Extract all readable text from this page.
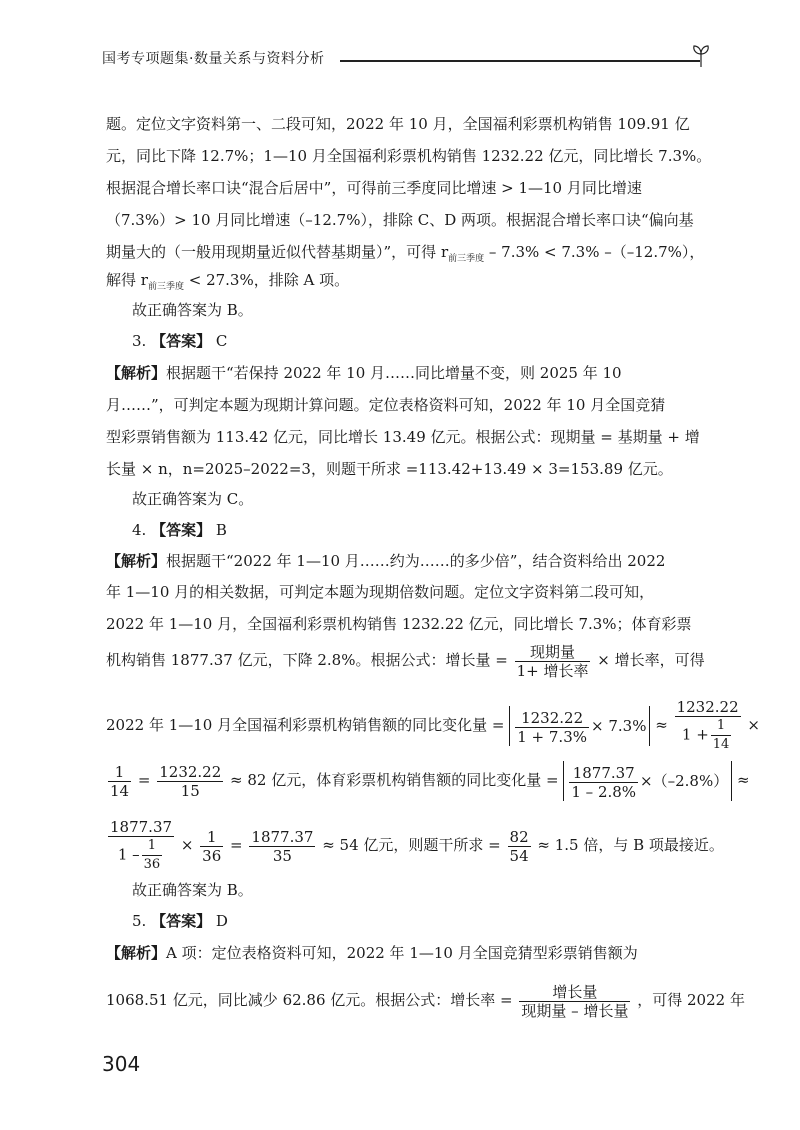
国考专项题集·数量关系与资料分析
题。定位文字资料第一、二段可知，2022 年 10 月，全国福利彩票机构销售 109.91 亿
元，同比下降 12.7%；1—10 月全国福利彩票机构销售 1232.22 亿元，同比增长 7.3%。
根据混合增长率口诀“混合后居中”，可得前三季度同比增速 > 1—10 月同比增速
（7.3%）> 10 月同比增速（–12.7%），排除 C、D 两项。根据混合增长率口诀“偏向基
期量大的（一般用现期量近似代替基期量）”，可得 $r_{前三季度} - 7.3\% < 7.3\%$ –（–12.7%），
解得 $r_{前三季度} < 27.3\%$，排除 A 项。
故正确答案为 B。
3. 【答案】 C
【解析】根据题干“若保持 2022 年 10 月……同比增量不变，则 2025 年 10
月……”，可判定本题为现期计算问题。定位表格资料可知，2022 年 10 月全国竞猜
型彩票销售额为 113.42 亿元，同比增长 13.49 亿元。根据公式：现期量 = 基期量 + 增
长量 × n，n=2025–2022=3，则题干所求 =113.42+13.49 × 3=153.89 亿元。
故正确答案为 C。
4. 【答案】 B
【解析】根据题干“2022 年 1—10 月……约为……的多少倍”，结合资料给出 2022
年 1—10 月的相关数据，可判定本题为现期倍数问题。定位文字资料第二段可知，
2022 年 1—10 月，全国福利彩票机构销售 1232.22 亿元，同比增长 7.3%；体育彩票
机构销售 1877.37 亿元，下降 2.8%。根据公式：增长量 = $\frac{\text{现期量}}{\text{1+ 增长率}}$ × 增长率，可得
2022 年 1—10 月全国福利彩票机构销售额的同比变化量 = $\frac{1232.22}{1 + 7.3\%} \times 7.3\% \approx \frac{1232.22}{1 + \frac{1}{14}}$ ×
$\frac{1}{14} = \frac{1232.22}{15} \approx 82$ 亿元，体育彩票机构销售额的同比变化量 = $\frac{1877.37}{1 - 2.8\%} \times(-2.8\%)$ ≈
$\frac{1877.37}{1 - \frac{1}{36}} \times \frac{1}{36} = \frac{1877.37}{35} \approx 54$ 亿元，则题干所求 = $\frac{82}{54} \approx 1.5$ 倍，与 B 项最接近。
故正确答案为 B。
5. 【答案】 D
【解析】A 项：定位表格资料可知，2022 年 1—10 月全国竞猜型彩票销售额为
1068.51 亿元，同比减少 62.86 亿元。根据公式：增长率 = $\frac{\text{增长量}}{\text{现期量 – 增长量}}$ ，可得 2022 年
304
